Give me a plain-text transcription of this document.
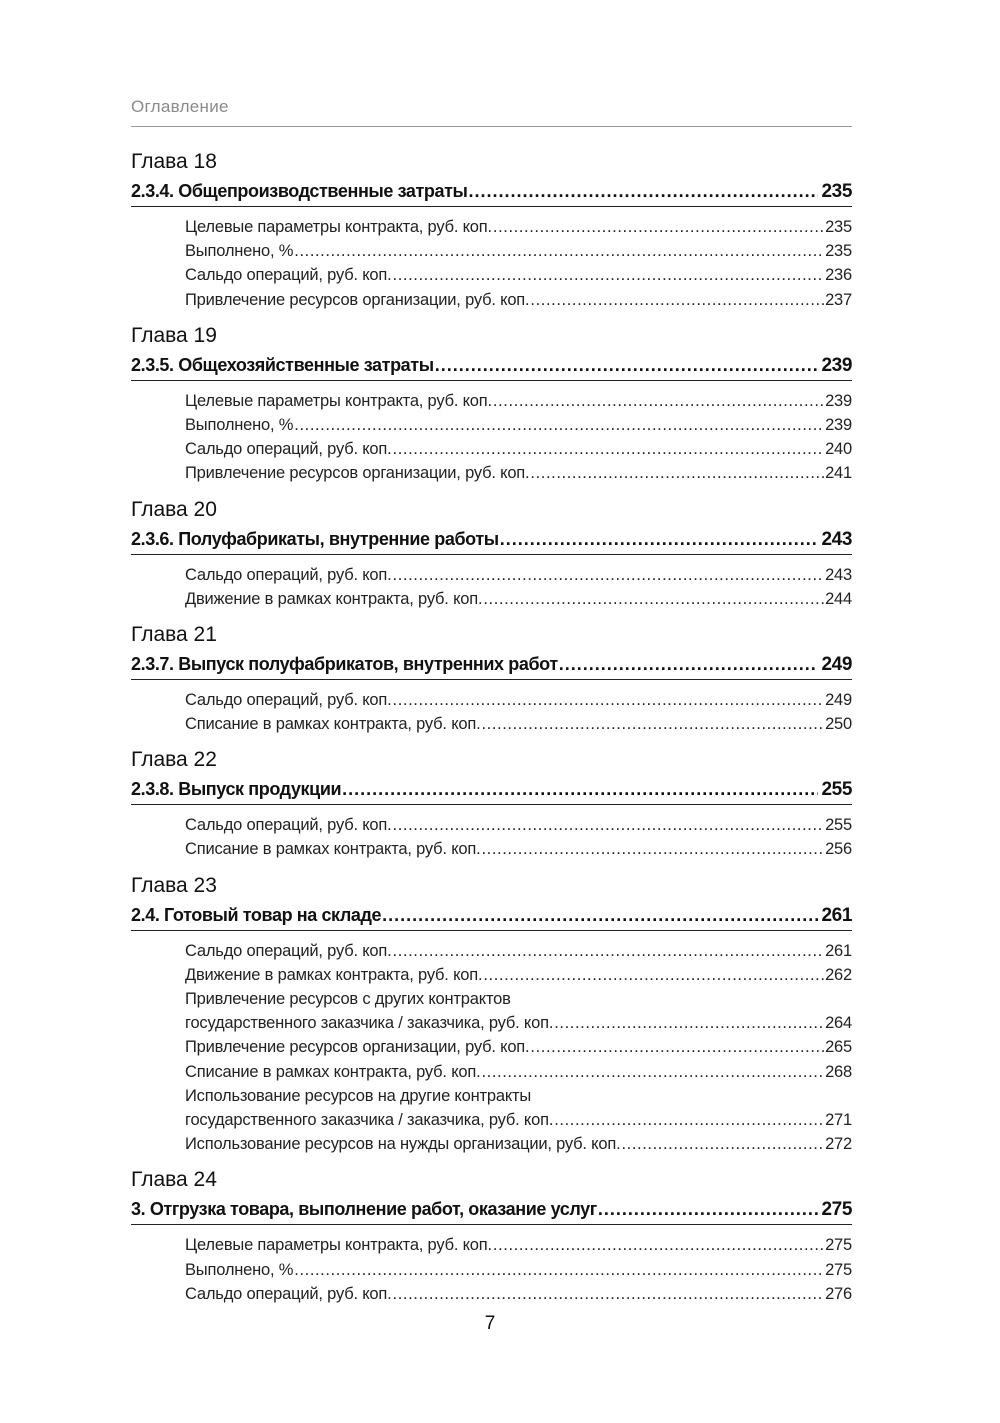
Оглавление
Глава 18
2.3.4. Общепроизводственные затраты .....	235
Целевые параметры контракта, руб. коп. .....	235
Выполнено, % .....	235
Сальдо операций, руб. коп. .....	236
Привлечение ресурсов организации, руб. коп. .....	237
Глава 19
2.3.5. Общехозяйственные затраты .....	239
Целевые параметры контракта, руб. коп. .....	239
Выполнено, % .....	239
Сальдо операций, руб. коп. .....	240
Привлечение ресурсов организации, руб. коп. .....	241
Глава 20
2.3.6. Полуфабрикаты, внутренние работы .....	243
Сальдо операций, руб. коп. .....	243
Движение в рамках контракта, руб. коп. .....	244
Глава 21
2.3.7. Выпуск полуфабрикатов, внутренних работ .....	249
Сальдо операций, руб. коп. .....	249
Списание в рамках контракта, руб. коп. .....	250
Глава 22
2.3.8. Выпуск продукции .....	255
Сальдо операций, руб. коп. .....	255
Списание в рамках контракта, руб. коп. .....	256
Глава 23
2.4. Готовый товар на складе .....	261
Сальдо операций, руб. коп. .....	261
Движение в рамках контракта, руб. коп. .....	262
Привлечение ресурсов с других контрактов
государственного заказчика / заказчика, руб. коп. .....	264
Привлечение ресурсов организации, руб. коп. .....	265
Списание в рамках контракта, руб. коп. .....	268
Использование ресурсов на другие контракты
государственного заказчика / заказчика, руб. коп. .....	271
Использование ресурсов на нужды организации, руб. коп. .....	272
Глава 24
3. Отгрузка товара, выполнение работ, оказание услуг .....	275
Целевые параметры контракта, руб. коп. .....	275
Выполнено, % .....	275
Сальдо операций, руб. коп. .....	276
7
